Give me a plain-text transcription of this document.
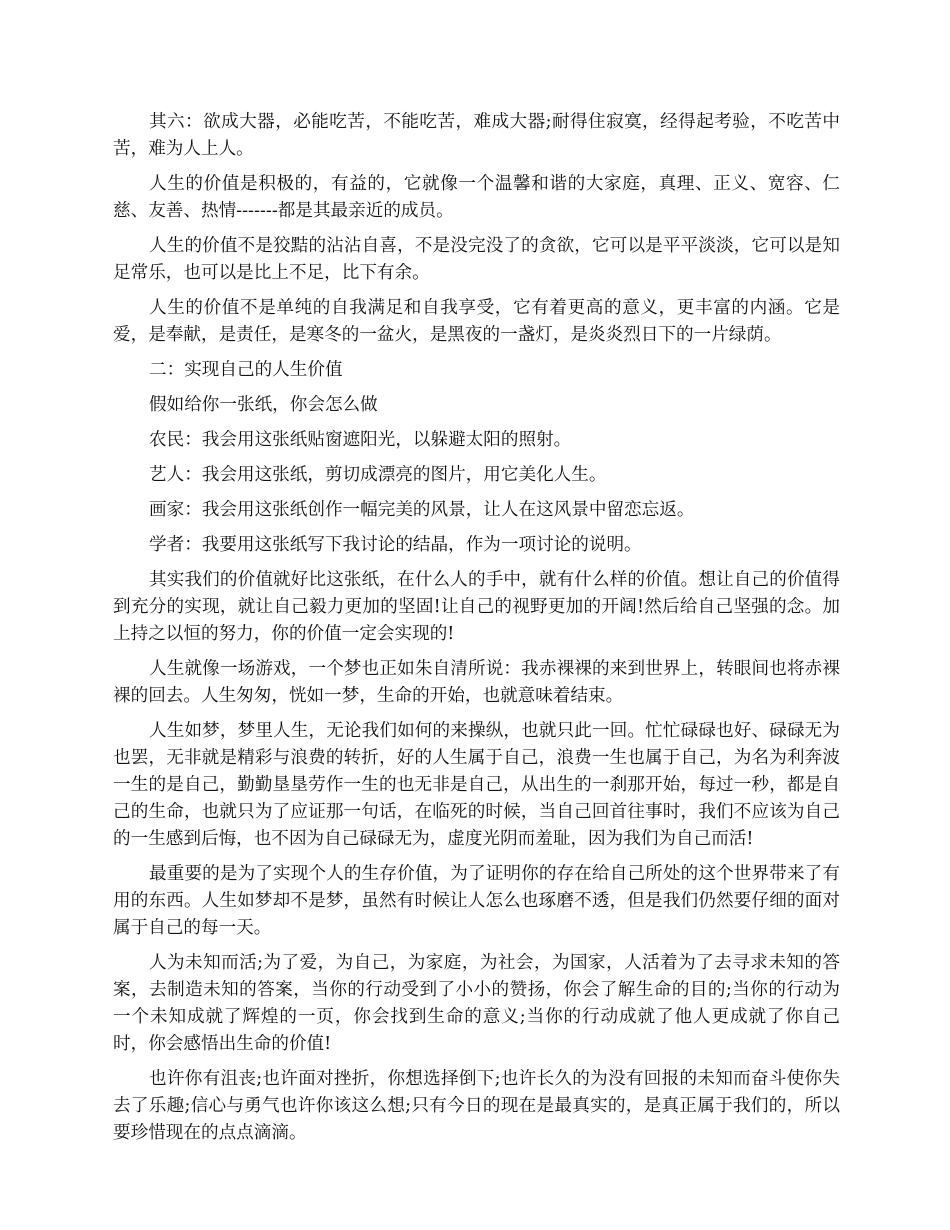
其六：欲成大器，必能吃苦，不能吃苦，难成大器;耐得住寂寞，经得起考验，不吃苦中苦，难为人上人。

人生的价值是积极的，有益的，它就像一个温馨和谐的大家庭，真理、正义、宽容、仁慈、友善、热情-------都是其最亲近的成员。

人生的价值不是狡黠的沾沾自喜，不是没完没了的贪欲，它可以是平平淡淡，它可以是知足常乐，也可以是比上不足，比下有余。

人生的价值不是单纯的自我满足和自我享受，它有着更高的意义，更丰富的内涵。它是爱，是奉献，是责任，是寒冬的一盆火，是黑夜的一盏灯，是炎炎烈日下的一片绿荫。

二：实现自己的人生价值

假如给你一张纸，你会怎么做

农民：我会用这张纸贴窗遮阳光，以躲避太阳的照射。

艺人：我会用这张纸，剪切成漂亮的图片，用它美化人生。

画家：我会用这张纸创作一幅完美的风景，让人在这风景中留恋忘返。

学者：我要用这张纸写下我讨论的结晶，作为一项讨论的说明。

其实我们的价值就好比这张纸，在什么人的手中，就有什么样的价值。想让自己的价值得到充分的实现，就让自己毅力更加的坚固!让自己的视野更加的开阔!然后给自己坚强的念。加上持之以恒的努力，你的价值一定会实现的!

人生就像一场游戏，一个梦也正如朱自清所说：我赤裸裸的来到世界上，转眼间也将赤裸裸的回去。人生匆匆，恍如一梦，生命的开始，也就意味着结束。

人生如梦，梦里人生，无论我们如何的来操纵，也就只此一回。忙忙碌碌也好、碌碌无为也罢，无非就是精彩与浪费的转折，好的人生属于自己，浪费一生也属于自己，为名为利奔波一生的是自己，勤勤垦垦劳作一生的也无非是自己，从出生的一刹那开始，每过一秒，都是自己的生命，也就只为了应证那一句话，在临死的时候，当自己回首往事时，我们不应该为自己的一生感到后悔，也不因为自己碌碌无为，虚度光阴而羞耻，因为我们为自己而活!

最重要的是为了实现个人的生存价值，为了证明你的存在给自己所处的这个世界带来了有用的东西。人生如梦却不是梦，虽然有时候让人怎么也琢磨不透，但是我们仍然要仔细的面对属于自己的每一天。

人为未知而活;为了爱，为自己，为家庭，为社会，为国家，人活着为了去寻求未知的答案，去制造未知的答案，当你的行动受到了小小的赞扬，你会了解生命的目的;当你的行动为一个未知成就了辉煌的一页，你会找到生命的意义;当你的行动成就了他人更成就了你自己时，你会感悟出生命的价值!

也许你有沮丧;也许面对挫折，你想选择倒下;也许长久的为没有回报的未知而奋斗使你失去了乐趣;信心与勇气也许你该这么想;只有今日的现在是最真实的，是真正属于我们的，所以要珍惜现在的点点滴滴。
